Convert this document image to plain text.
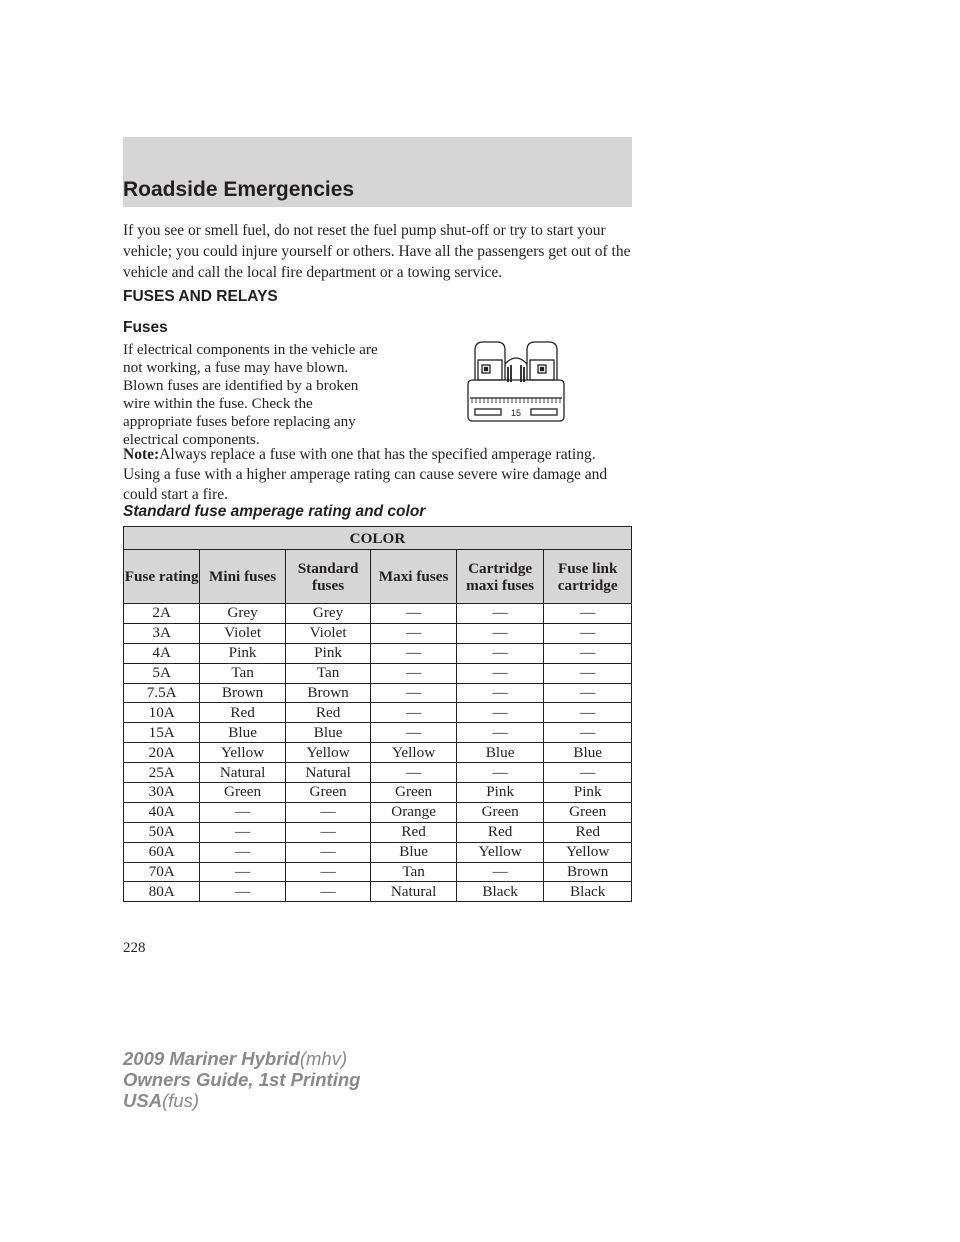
Roadside Emergencies

If you see or smell fuel, do not reset the fuel pump shut-off or try to start your vehicle; you could injure yourself or others. Have all the passengers get out of the vehicle and call the local fire department or a towing service.

FUSES AND RELAYS
Fuses

If electrical components in the vehicle are not working, a fuse may have blown. Blown fuses are identified by a broken wire within the fuse. Check the appropriate fuses before replacing any electrical components.

15

Note:Always replace a fuse with one that has the specified amperage rating. Using a fuse with a higher amperage rating can cause severe wire damage and could start a fire.

Standard fuse amperage rating and color
COLOR					
Fuse rating	Mini fuses	Standard fuses	Maxi fuses	Cartridge maxi fuses	Fuse link cartridge
2A	Grey	Grey	—	—	—
3A	Violet	Violet	—	—	—
4A	Pink	Pink	—	—	—
5A	Tan	Tan	—	—	—
7.5A	Brown	Brown	—	—	—
10A	Red	Red	—	—	—
15A	Blue	Blue	—	—	—
20A	Yellow	Yellow	Yellow	Blue	Blue
25A	Natural	Natural	—	—	—
30A	Green	Green	Green	Pink	Pink
40A	—	—	Orange	Green	Green
50A	—	—	Red	Red	Red
60A	—	—	Blue	Yellow	Yellow
70A	—	—	Tan	—	Brown
80A	—	—	Natural	Black	Black

228

2009 Mariner Hybrid(mhv)
Owners Guide, 1st Printing
USA(fus)
